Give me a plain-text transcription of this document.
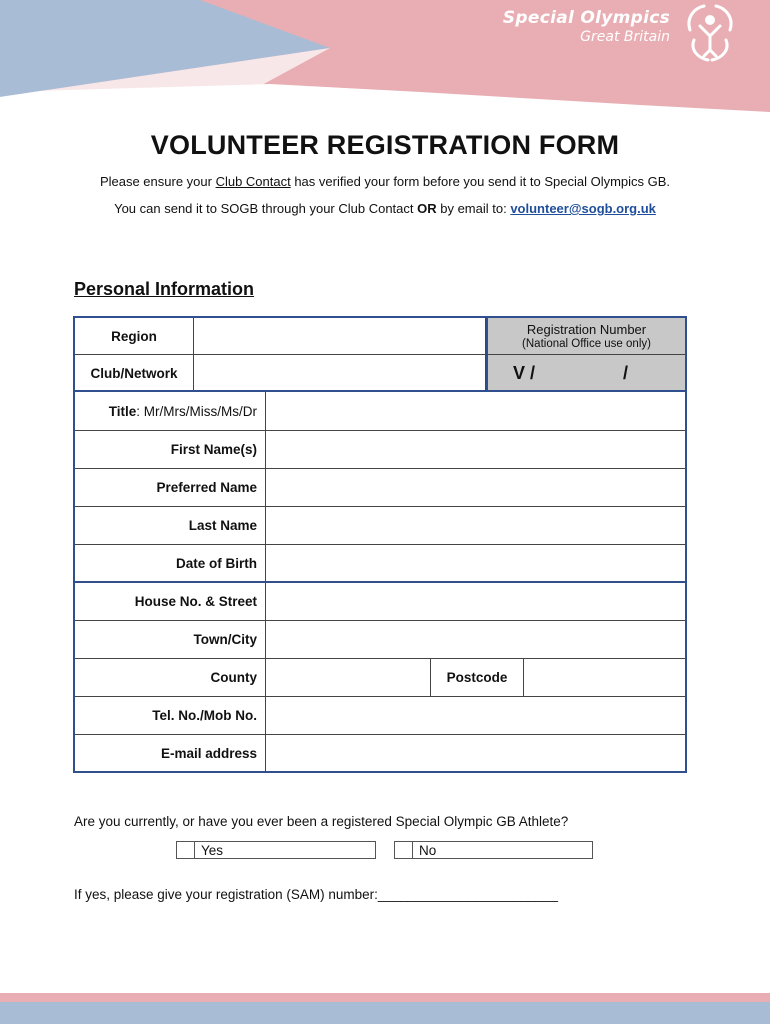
Special Olympics
Great Britain
VOLUNTEER REGISTRATION FORM
Please ensure your Club Contact has verified your form before you send it to Special Olympics GB.
You can send it to SOGB through your Club Contact OR by email to: volunteer@sogb.org.uk
Personal Information
Region
Club/Network
Registration Number
(National Office use only)
V /	/
Title : Mr/Mrs/Miss/Ms/Dr
First Name(s)
Preferred Name
Last Name
Date of Birth
House No. & Street
Town/City
County	Postcode
Tel. No./Mob No.
E-mail address
Are you currently, or have you ever been a registered Special Olympic GB Athlete?
Yes	No
If yes, please give your registration (SAM) number:________________________
